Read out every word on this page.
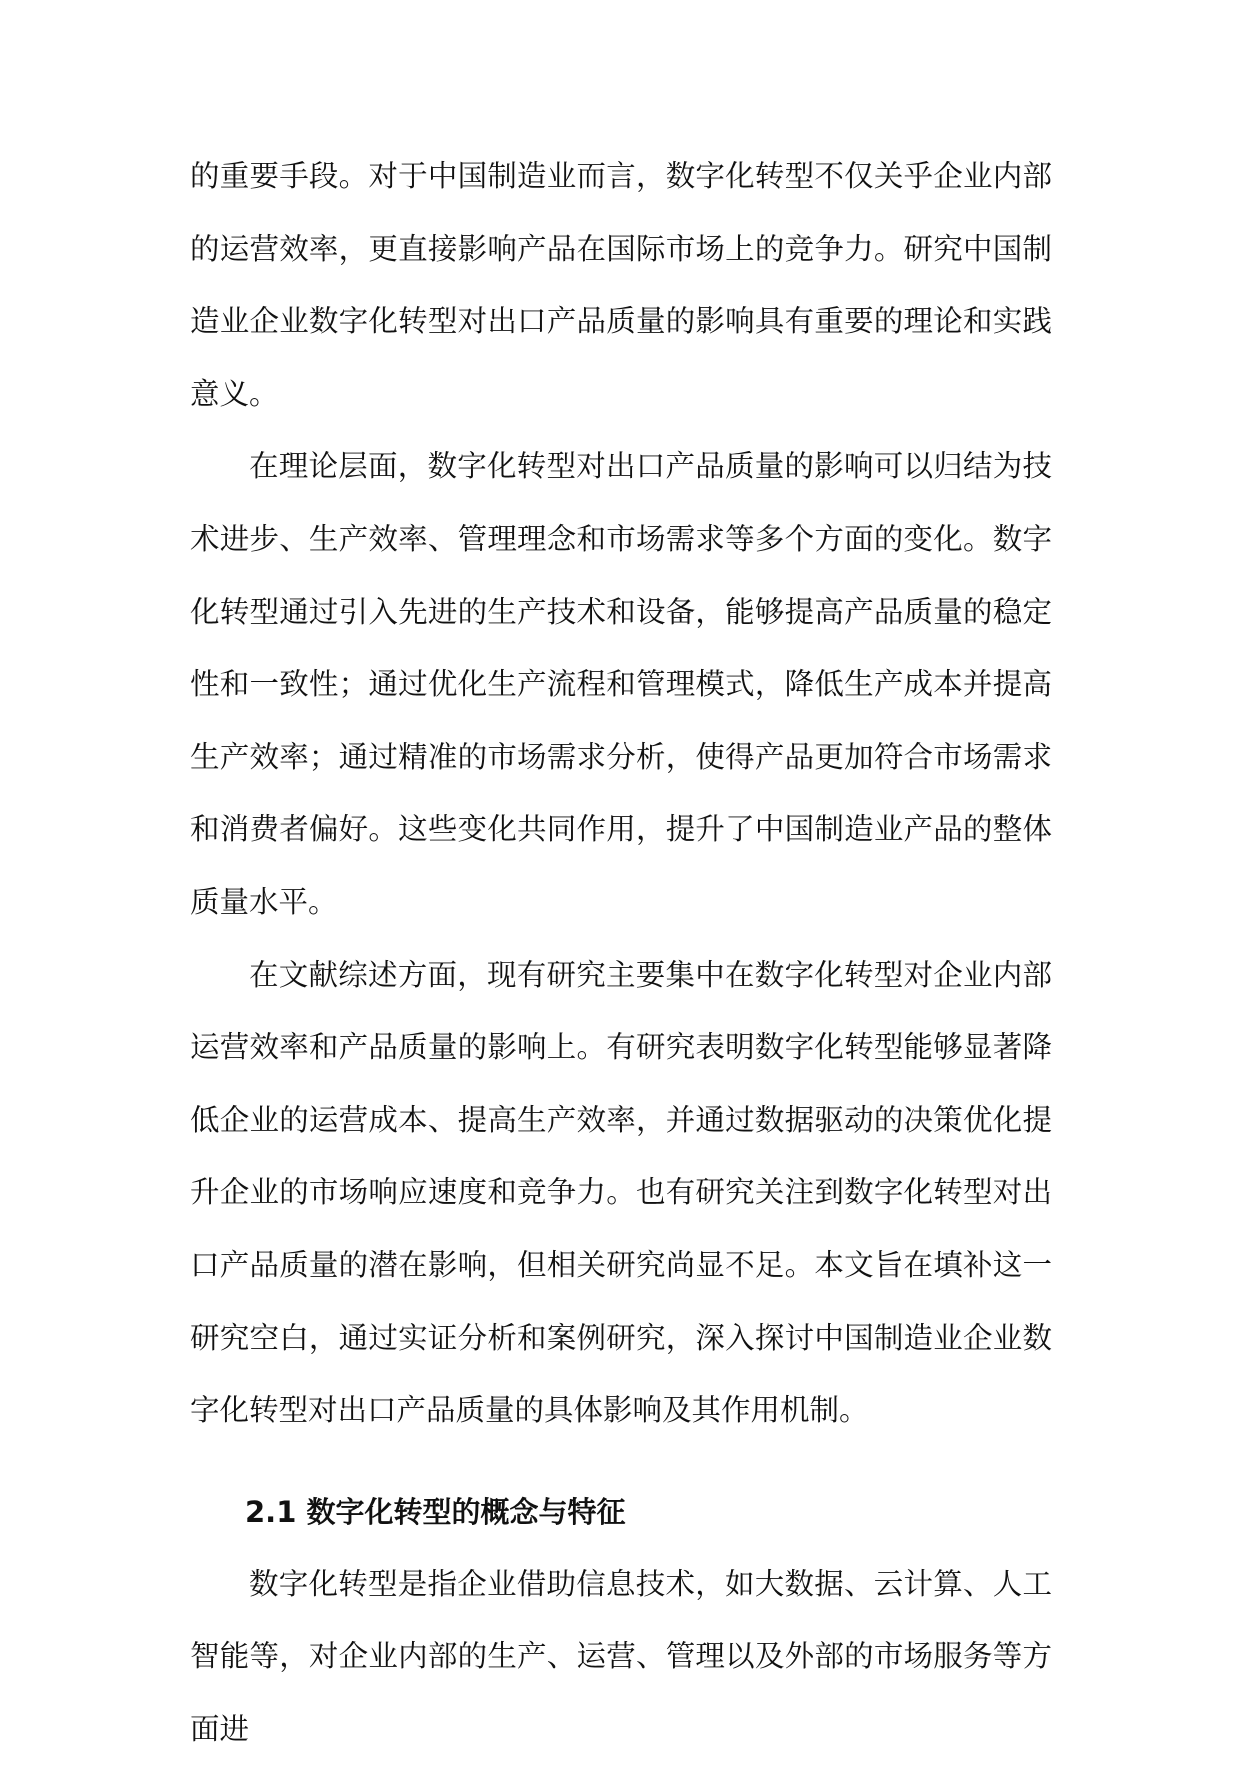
的重要手段。对于中国制造业而言，数字化转型不仅关乎企业内部的运营效率，更直接影响产品在国际市场上的竞争力。研究中国制造业企业数字化转型对出口产品质量的影响具有重要的理论和实践意义。

在理论层面，数字化转型对出口产品质量的影响可以归结为技术进步、生产效率、管理理念和市场需求等多个方面的变化。数字化转型通过引入先进的生产技术和设备，能够提高产品质量的稳定性和一致性；通过优化生产流程和管理模式，降低生产成本并提高生产效率；通过精准的市场需求分析，使得产品更加符合市场需求和消费者偏好。这些变化共同作用，提升了中国制造业产品的整体质量水平。

在文献综述方面，现有研究主要集中在数字化转型对企业内部运营效率和产品质量的影响上。有研究表明数字化转型能够显著降低企业的运营成本、提高生产效率，并通过数据驱动的决策优化提升企业的市场响应速度和竞争力。也有研究关注到数字化转型对出口产品质量的潜在影响，但相关研究尚显不足。本文旨在填补这一研究空白，通过实证分析和案例研究，深入探讨中国制造业企业数字化转型对出口产品质量的具体影响及其作用机制。

2.1 数字化转型的概念与特征

数字化转型是指企业借助信息技术，如大数据、云计算、人工智能等，对企业内部的生产、运营、管理以及外部的市场服务等方面进
